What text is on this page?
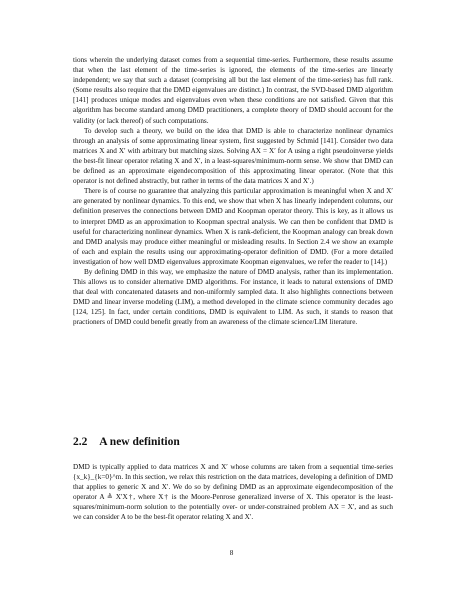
tions wherein the underlying dataset comes from a sequential time-series. Furthermore, these results assume that when the last element of the time-series is ignored, the elements of the time-series are linearly independent; we say that such a dataset (comprising all but the last element of the time-series) has full rank. (Some results also require that the DMD eigenvalues are distinct.) In contrast, the SVD-based DMD algorithm [141] produces unique modes and eigenvalues even when these conditions are not satisfied. Given that this algorithm has become standard among DMD practitioners, a complete theory of DMD should account for the validity (or lack thereof) of such computations.

To develop such a theory, we build on the idea that DMD is able to characterize nonlinear dynamics through an analysis of some approximating linear system, first suggested by Schmid [141]. Consider two data matrices X and X′ with arbitrary but matching sizes. Solving AX = X′ for A using a right pseudoinverse yields the best-fit linear operator relating X and X′, in a least-squares/minimum-norm sense. We show that DMD can be defined as an approximate eigendecomposition of this approximating linear operator. (Note that this operator is not defined abstractly, but rather in terms of the data matrices X and X′.)

There is of course no guarantee that analyzing this particular approximation is meaningful when X and X′ are generated by nonlinear dynamics. To this end, we show that when X has linearly independent columns, our definition preserves the connections between DMD and Koopman operator theory. This is key, as it allows us to interpret DMD as an approximation to Koopman spectral analysis. We can then be confident that DMD is useful for characterizing nonlinear dynamics. When X is rank-deficient, the Koopman analogy can break down and DMD analysis may produce either meaningful or misleading results. In Section 2.4 we show an example of each and explain the results using our approximating-operator definition of DMD. (For a more detailed investigation of how well DMD eigenvalues approximate Koopman eigenvalues, we refer the reader to [14].)

By defining DMD in this way, we emphasize the nature of DMD analysis, rather than its implementation. This allows us to consider alternative DMD algorithms. For instance, it leads to natural extensions of DMD that deal with concatenated datasets and non-uniformly sampled data. It also highlights connections between DMD and linear inverse modeling (LIM), a method developed in the climate science community decades ago [124, 125]. In fact, under certain conditions, DMD is equivalent to LIM. As such, it stands to reason that practioners of DMD could benefit greatly from an awareness of the climate science/LIM literature.

2.2 A new definition

DMD is typically applied to data matrices X and X′ whose columns are taken from a sequential time-series {x_k}_{k=0}^m. In this section, we relax this restriction on the data matrices, developing a definition of DMD that applies to generic X and X′. We do so by defining DMD as an approximate eigendecomposition of the operator A ≜ X′X†, where X† is the Moore-Penrose generalized inverse of X. This operator is the least-squares/minimum-norm solution to the potentially over- or under-constrained problem AX = X′, and as such we can consider A to be the best-fit operator relating X and X′.

8
